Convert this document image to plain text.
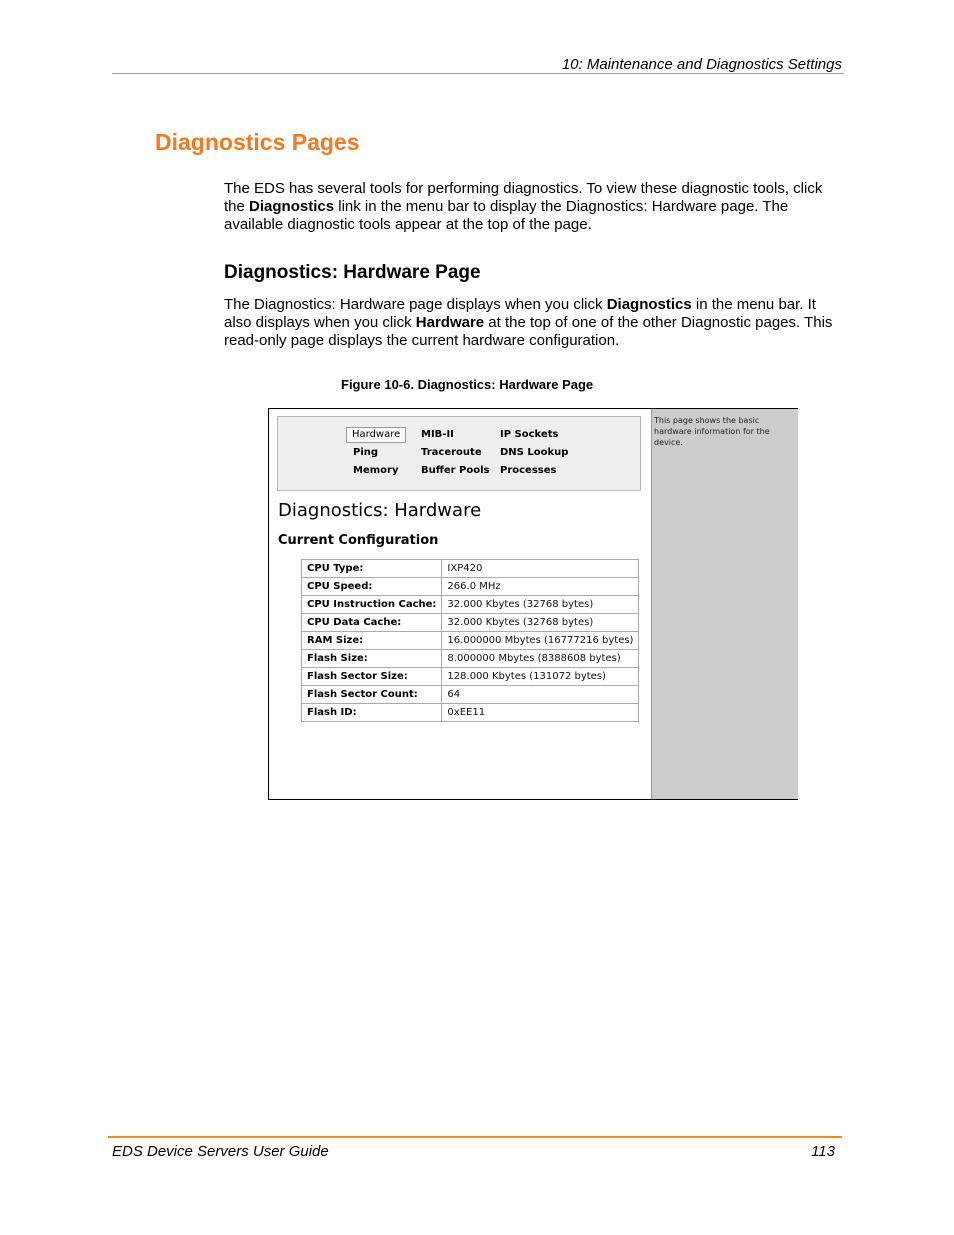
10: Maintenance and Diagnostics Settings
Diagnostics Pages

The EDS has several tools for performing diagnostics. To view these diagnostic tools, click the Diagnostics link in the menu bar to display the Diagnostics: Hardware page. The available diagnostic tools appear at the top of the page.

Diagnostics: Hardware Page

The Diagnostics: Hardware page displays when you click Diagnostics in the menu bar. It also displays when you click Hardware at the top of one of the other Diagnostic pages. This read-only page displays the current hardware configuration.

Figure 10-6. Diagnostics: Hardware Page
Hardware	MIB-II	IP Sockets
Ping	Traceroute DNS Lookup
Memory Buffer Pools Processes
Diagnostics: Hardware
Current Configuration
CPU Type:	IXP420
CPU Speed:	266.0 MHz
CPU Instruction Cache:	32.000 Kbytes (32768 bytes)
CPU Data Cache:	32.000 Kbytes (32768 bytes)
RAM Size:	16.000000 Mbytes (16777216 bytes)
Flash Size:	8.000000 Mbytes (8388608 bytes)
Flash Sector Size:	128.000 Kbytes (131072 bytes)
Flash Sector Count:	64
Flash ID:	0xEE11
This page shows the basic hardware information for the device.
EDS Device Servers User Guide	113
